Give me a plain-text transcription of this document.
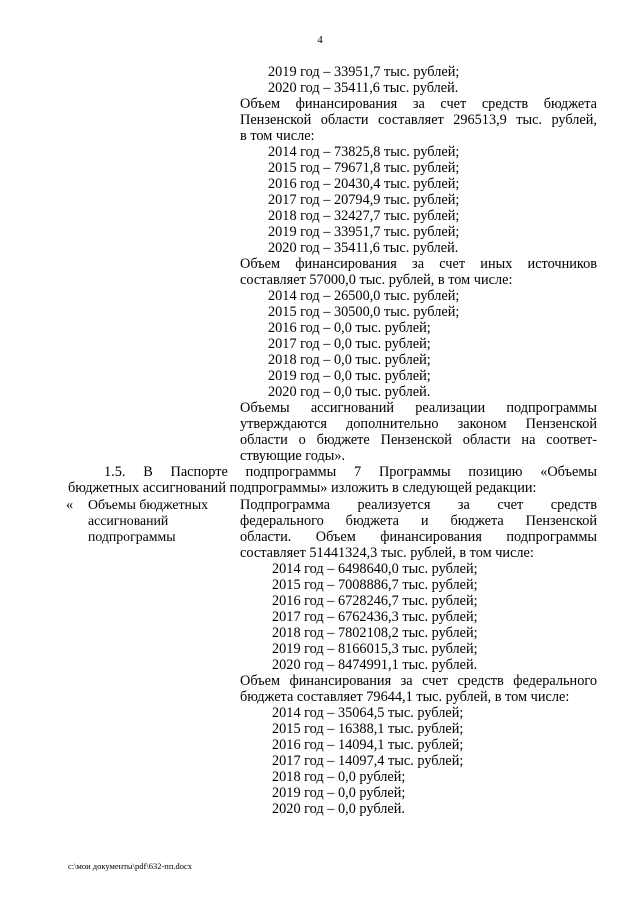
4
2019 год – 33951,7 тыс. рублей;
2020 год – 35411,6 тыс. рублей.
Объем финансирования за счет средств бюджета
Пензенской области составляет 296513,9 тыс. рублей,
в том числе:
2014 год – 73825,8 тыс. рублей;
2015 год – 79671,8 тыс. рублей;
2016 год – 20430,4 тыс. рублей;
2017 год – 20794,9 тыс. рублей;
2018 год – 32427,7 тыс. рублей;
2019 год – 33951,7 тыс. рублей;
2020 год – 35411,6 тыс. рублей.
Объем финансирования за счет иных источников
составляет 57000,0 тыс. рублей, в том числе:
2014 год – 26500,0 тыс. рублей;
2015 год – 30500,0 тыс. рублей;
2016 год – 0,0 тыс. рублей;
2017 год – 0,0 тыс. рублей;
2018 год – 0,0 тыс. рублей;
2019 год – 0,0 тыс. рублей;
2020 год – 0,0 тыс. рублей.
Объемы ассигнований реализации подпрограммы
утверждаются дополнительно законом Пензенской
области о бюджете Пензенской области на соответ-
ствующие годы».
1.5. В Паспорте подпрограммы 7 Программы позицию «Объемы
бюджетных ассигнований подпрограммы» изложить в следующей редакции:
« Объемы бюджетных
ассигнований
подпрограммы
Подпрограмма реализуется за счет средств
федерального бюджета и бюджета Пензенской
области. Объем финансирования подпрограммы
составляет 51441324,3 тыс. рублей, в том числе:
2014 год – 6498640,0 тыс. рублей;
2015 год – 7008886,7 тыс. рублей;
2016 год – 6728246,7 тыс. рублей;
2017 год – 6762436,3 тыс. рублей;
2018 год – 7802108,2 тыс. рублей;
2019 год – 8166015,3 тыс. рублей;
2020 год – 8474991,1 тыс. рублей.
Объем финансирования за счет средств федерального
бюджета составляет 79644,1 тыс. рублей, в том числе:
2014 год – 35064,5 тыс. рублей;
2015 год – 16388,1 тыс. рублей;
2016 год – 14094,1 тыс. рублей;
2017 год – 14097,4 тыс. рублей;
2018 год – 0,0 рублей;
2019 год – 0,0 рублей;
2020 год – 0,0 рублей.
c:\мои документы\pdf\632-пп.docx
